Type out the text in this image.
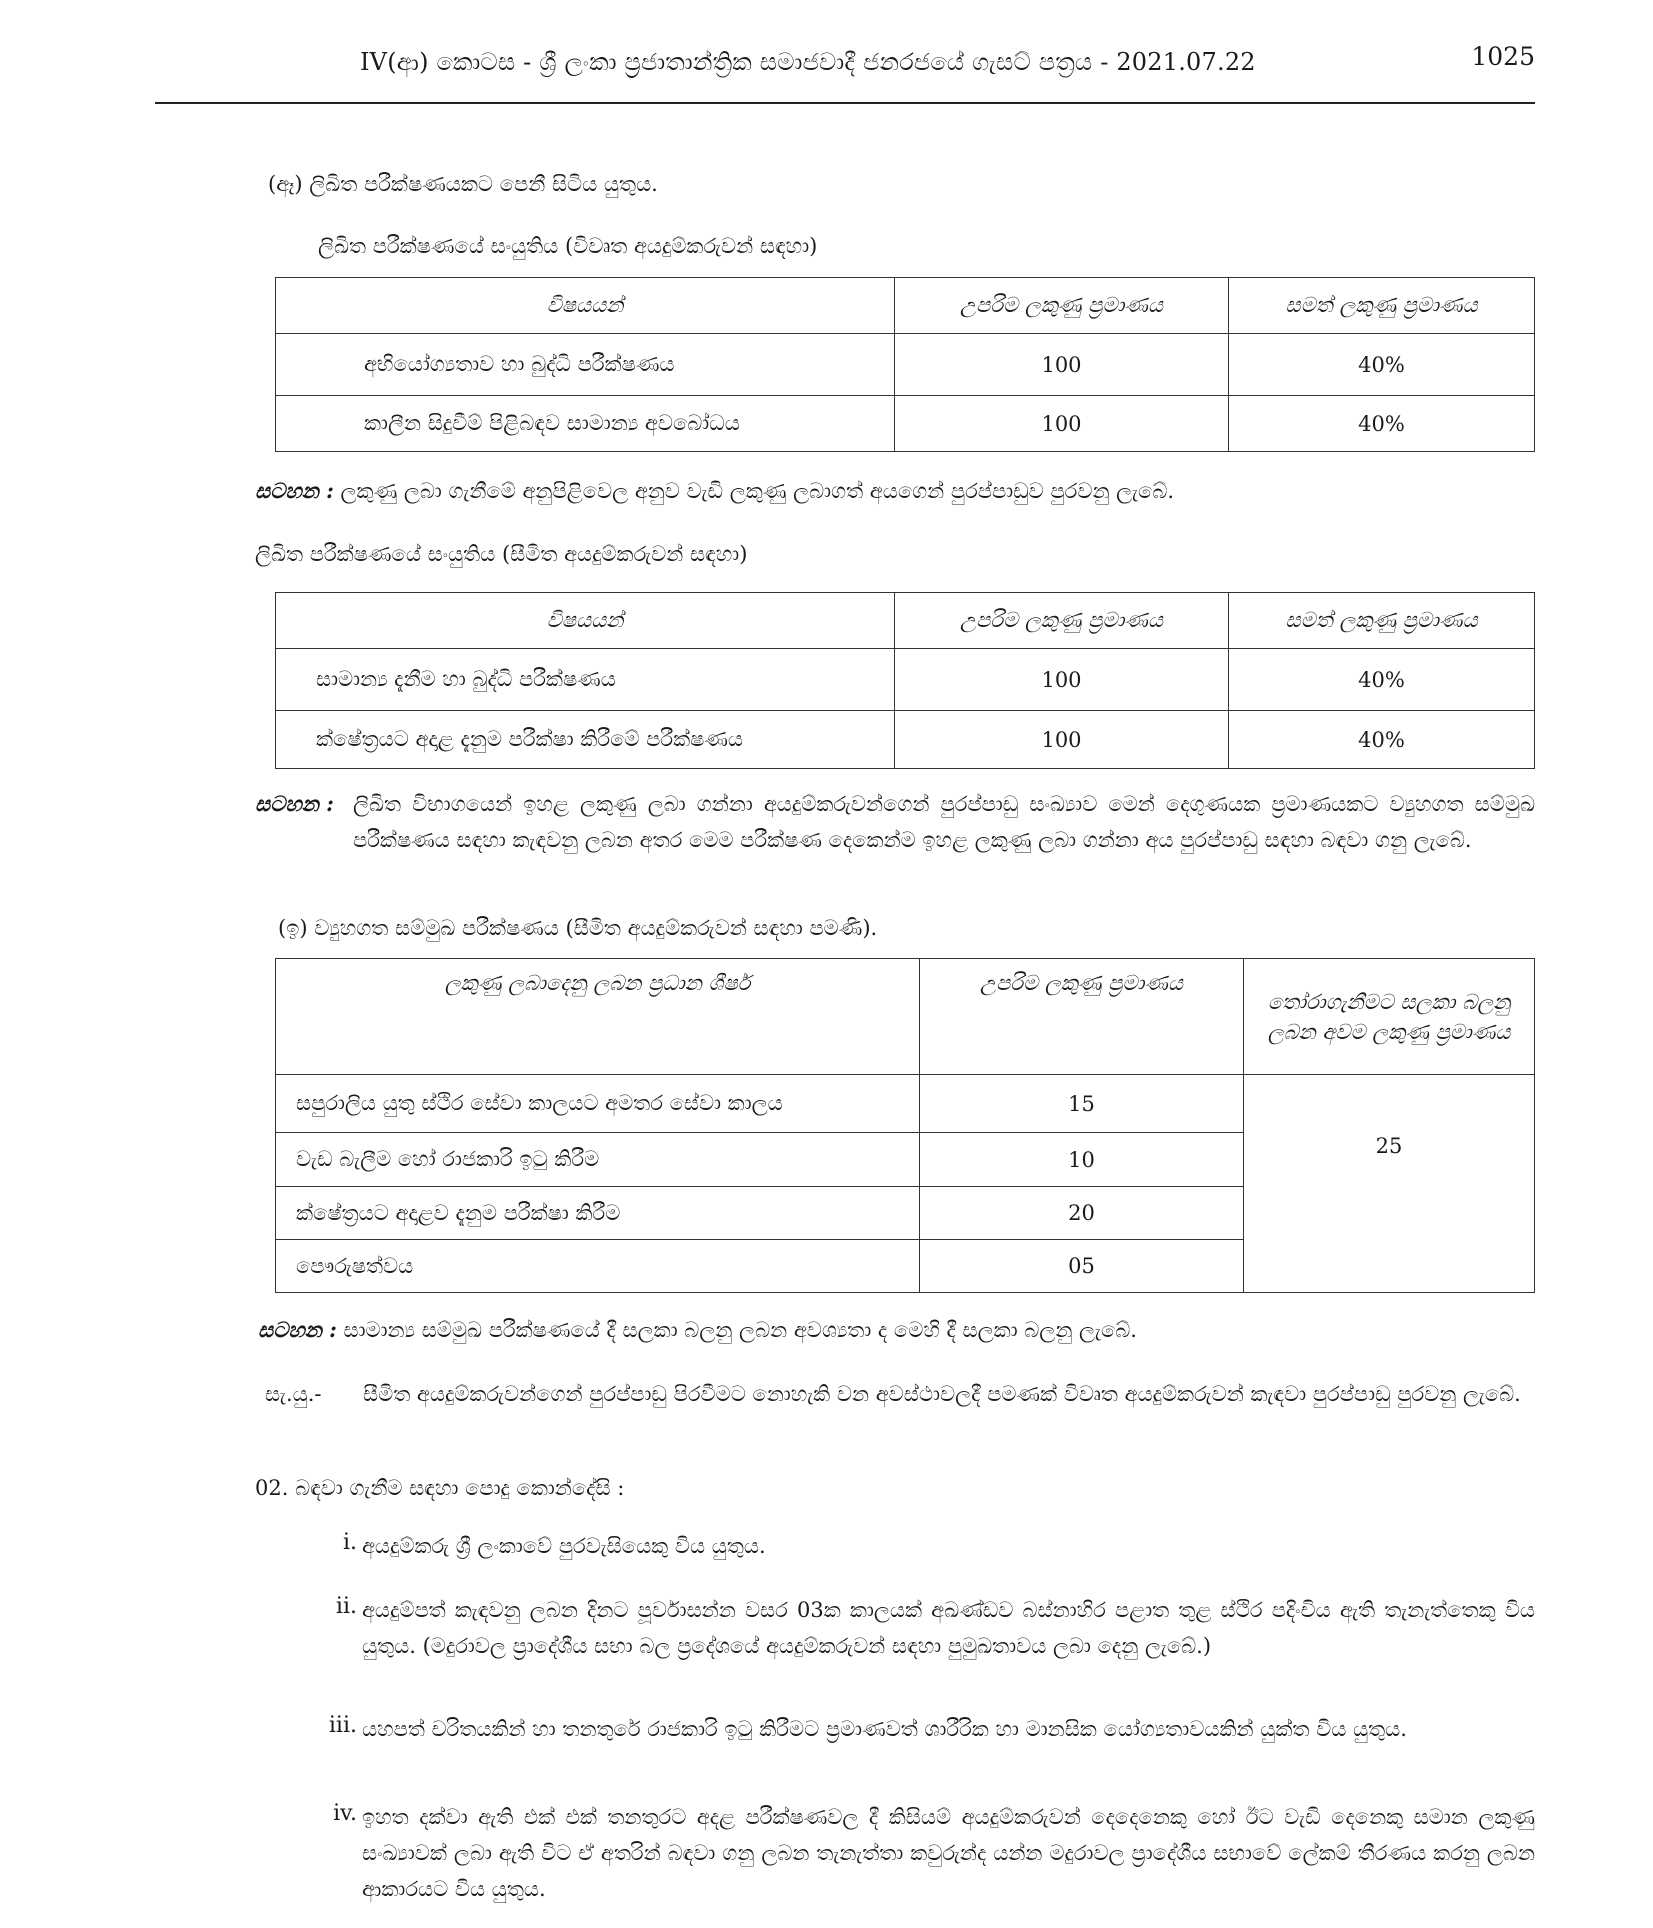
IV(ආ) කොටස - ශ්‍රී ලංකා ප්‍රජාතාන්ත්‍රික සමාජවාදී ජනරජයේ ගැසට් පත්‍රය - 2021.07.22	1025
(ඈ) ලිඛිත පරීක්ෂණයකට පෙනී සිටිය යුතුය.
ලිඛිත පරීක්ෂණයේ සංයුතිය (විවෘත අයදුම්කරුවන් සඳහා)
විෂයයන්	උපරිම ලකුණු ප්‍රමාණය	සමත් ලකුණු ප්‍රමාණය
අභියෝග්‍යතාව හා බුද්ධි පරීක්ෂණය	100	40%
කාලීන සිදුවීම් පිළිබඳව සාමාන්‍ය අවබෝධය	100	40%
සටහන : ලකුණු ලබා ගැනීමේ අනුපිළිවෙල අනුව වැඩි ලකුණු ලබාගත් අයගෙන් පුරප්පාඩුව පුරවනු ලැබේ.
ලිඛිත පරීක්ෂණයේ සංයුතිය (සීමිත අයදුම්කරුවන් සඳහා)
විෂයයන්	උපරිම ලකුණු ප්‍රමාණය	සමත් ලකුණු ප්‍රමාණය
සාමාන්‍ය දැනීම හා බුද්ධි පරීක්ෂණය	100	40%
ක්ෂේත්‍රයට අදාළ දැනුම පරීක්ෂා කිරීමේ පරීක්ෂණය	100	40%
සටහන : ලිඛිත විභාගයෙන් ඉහළ ලකුණු ලබා ගන්නා අයදුම්කරුවන්ගෙන් පුරප්පාඩු සංඛ්‍යාව මෙන් දෙගුණයක ප්‍රමාණයකට ව්‍යුහගත සම්මුඛ පරීක්ෂණය සඳහා කැඳවනු ලබන අතර මෙම පරීක්ෂණ දෙකෙන්ම ඉහළ ලකුණු ලබා ගන්නා අය පුරප්පාඩු සඳහා බඳවා ගනු ලැබේ.
(ඉ) ව්‍යුහගත සම්මුඛ පරීක්ෂණය (සීමිත අයදුම්කරුවන් සඳහා පමණි).
ලකුණු ලබාදෙනු ලබන ප්‍රධාන ශීර්ෂ	උපරිම ලකුණු ප්‍රමාණය	තෝරාගැනීමට සලකා බලනු ලබන අවම ලකුණු ප්‍රමාණය
සපුරාලිය යුතු ස්ථිර සේවා කාලයට අමතර සේවා කාලය	15	25

වැඩ බැලීම හෝ රාජකාරි ඉටු කිරීම	10	
ක්ෂේත්‍රයට අදාළව දැනුම පරීක්ෂා කිරීම	20	
පෞරුෂත්වය	05	
සටහන : සාමාන්‍ය සම්මුඛ පරීක්ෂණයේ දී සලකා බලනු ලබන අවශ්‍යතා ද මෙහි දී සලකා බලනු ලැබේ.
සැ.යු.- සීමිත අයදුම්කරුවන්ගෙන් පුරප්පාඩු පිරවීමට නොහැකි වන අවස්ථාවලදී පමණක් විවෘත අයදුම්කරුවන් කැඳවා පුරප්පාඩු පුරවනු ලැබේ.
02. බඳවා ගැනීම සඳහා පොදු කොන්දේසි :
i. අයදුම්කරු ශ්‍රී ලංකාවේ පුරවැසියෙකු විය යුතුය.
ii. අයදුම්පත් කැඳවනු ලබන දිනට පූර්වාසන්න වසර 03ක කාලයක් අඛණ්ඩව බස්නාහිර පළාත තුළ ස්ථිර පදිංචිය ඇති තැනැත්තෙකු විය යුතුය. (මදුරාවල ප්‍රාදේශීය සභා බල ප්‍රදේශයේ අයදුම්කරුවන් සඳහා පුමුඛතාවය ලබා දෙනු ලැබේ.)
iii. යහපත් චරිතයකින් හා තනතුරේ රාජකාරි ඉටු කිරීමට ප්‍රමාණවත් ශාරීරික හා මානසික යෝග්‍යතාවයකින් යුක්ත විය යුතුය.
iv. ඉහත දක්වා ඇති එක් එක් තනතුරට අදළ පරීක්ෂණවල දී කිසියම් අයදුම්කරුවන් දෙදෙනෙකු හෝ ඊට වැඩි දෙනෙකු සමාන ලකුණු සංඛ්‍යාවක් ලබා ඇති විට ඒ අතරින් බඳවා ගනු ලබන තැනැත්තා කවුරුන්ද යන්න මදුරාවල ප්‍රාදේශීය සභාවේ ලේකම් තීරණය කරනු ලබන ආකාරයට විය යුතුය.
